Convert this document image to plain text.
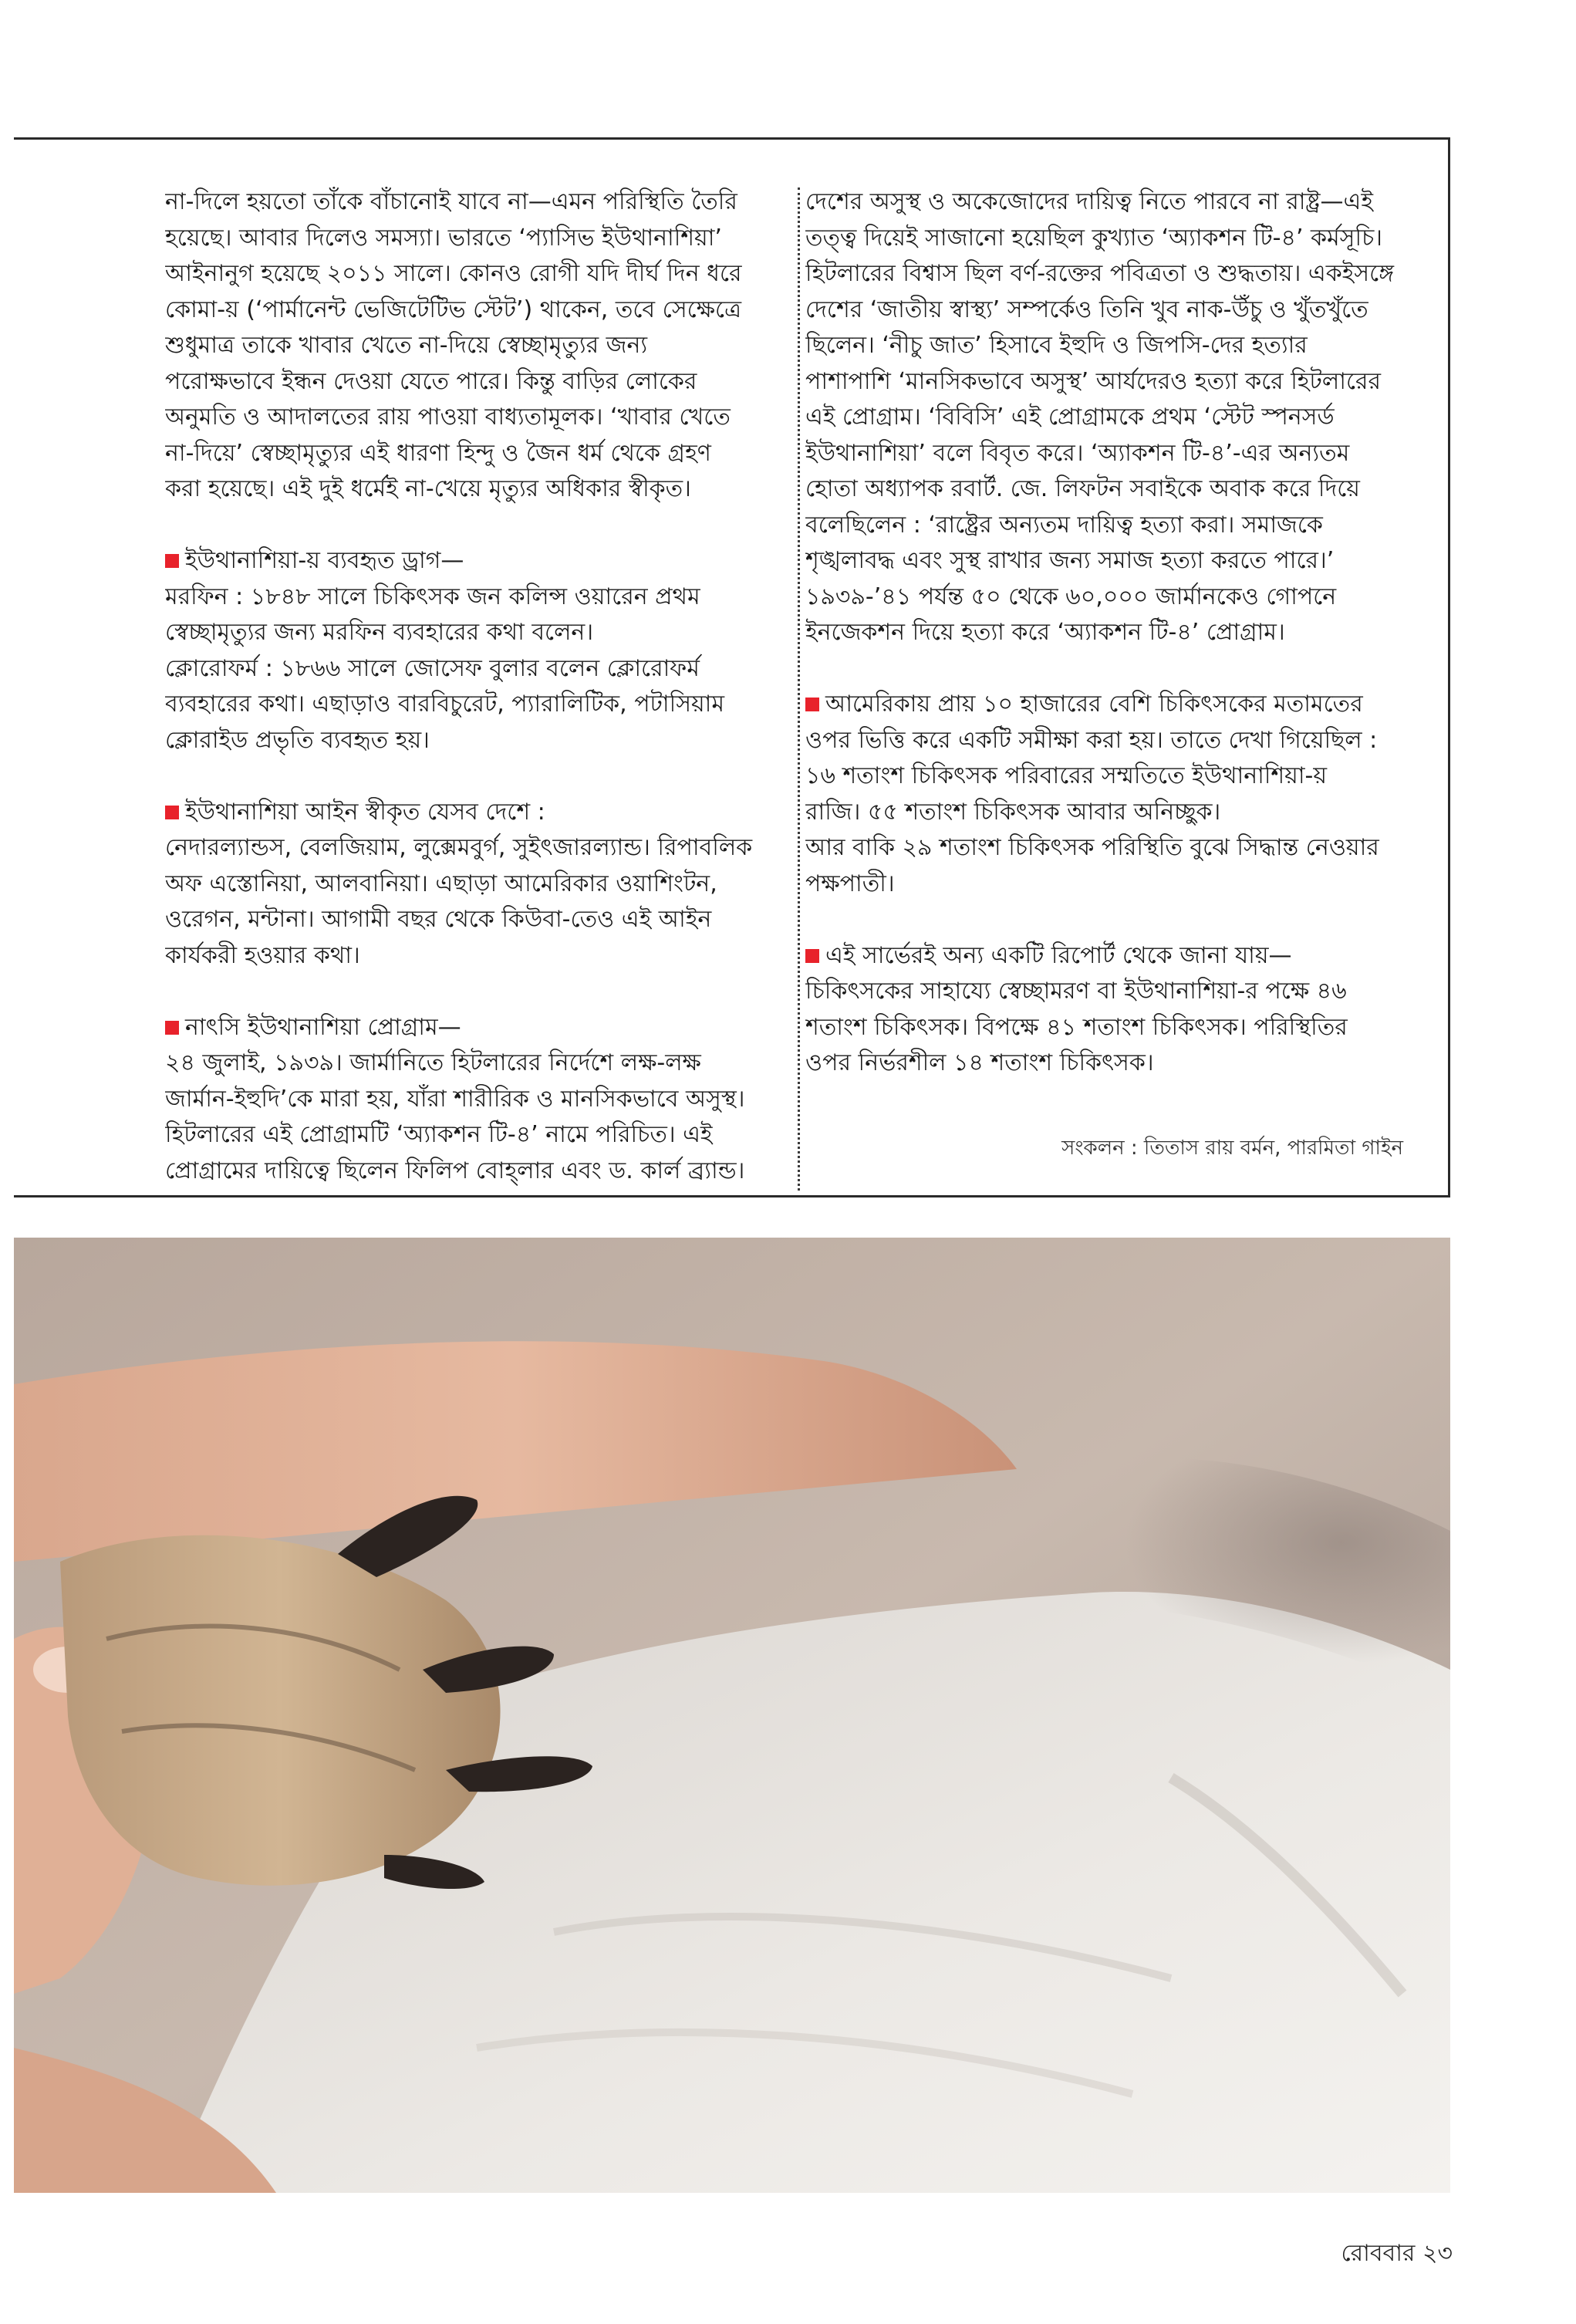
না-দিলে হয়তো তাঁকে বাঁচানোই যাবে না—এমন পরিস্থিতি তৈরি
হয়েছে। আবার দিলেও সমস্যা। ভারতে ‘প্যাসিভ ইউথানাশিয়া’
আইনানুগ হয়েছে ২০১১ সালে। কোনও রোগী যদি দীর্ঘ দিন ধরে
কোমা-য় (‘পার্মানেন্ট ভেজিটেটিভ স্টেট’) থাকেন, তবে সেক্ষেত্রে
শুধুমাত্র তাকে খাবার খেতে না-দিয়ে স্বেচ্ছামৃত্যুর জন্য
পরোক্ষভাবে ইন্ধন দেওয়া যেতে পারে। কিন্তু বাড়ির লোকের
অনুমতি ও আদালতের রায় পাওয়া বাধ্যতামূলক। ‘খাবার খেতে
না-দিয়ে’ স্বেচ্ছামৃত্যুর এই ধারণা হিন্দু ও জৈন ধর্ম থেকে গ্রহণ
করা হয়েছে। এই দুই ধর্মেই না-খেয়ে মৃত্যুর অধিকার স্বীকৃত।
ইউথানাশিয়া-য় ব্যবহৃত ড্রাগ—
মরফিন : ১৮৪৮ সালে চিকিৎসক জন কলিন্স ওয়ারেন প্রথম
স্বেচ্ছামৃত্যুর জন্য মরফিন ব্যবহারের কথা বলেন।
ক্লোরোফর্ম : ১৮৬৬ সালে জোসেফ বুলার বলেন ক্লোরোফর্ম
ব্যবহারের কথা। এছাড়াও বারবিচুরেট, প্যারালিটিক, পটাসিয়াম
ক্লোরাইড প্রভৃতি ব্যবহৃত হয়।
ইউথানাশিয়া আইন স্বীকৃত যেসব দেশে :
নেদারল্যান্ডস, বেলজিয়াম, লুক্সেমবুর্গ, সুইৎজারল্যান্ড। রিপাবলিক
অফ এস্তোনিয়া, আলবানিয়া। এছাড়া আমেরিকার ওয়াশিংটন,
ওরেগন, মন্টানা। আগামী বছর থেকে কিউবা-তেও এই আইন
কার্যকরী হওয়ার কথা।
নাৎসি ইউথানাশিয়া প্রোগ্রাম—
২৪ জুলাই, ১৯৩৯। জার্মানিতে হিটলারের নির্দেশে লক্ষ-লক্ষ
জার্মান-ইহুদি’কে মারা হয়, যাঁরা শারীরিক ও মানসিকভাবে অসুস্থ।
হিটলারের এই প্রোগ্রামটি ‘অ্যাকশন টি-৪’ নামে পরিচিত। এই
প্রোগ্রামের দায়িত্বে ছিলেন ফিলিপ বোহ্‌লার এবং ড. কার্ল ব্র্যান্ড।
দেশের অসুস্থ ও অকেজোদের দায়িত্ব নিতে পারবে না রাষ্ট্র—এই
তত্ত্ব দিয়েই সাজানো হয়েছিল কুখ্যাত ‘অ্যাকশন টি-৪’ কর্মসূচি।
হিটলারের বিশ্বাস ছিল বর্ণ-রক্তের পবিত্রতা ও শুদ্ধতায়। একইসঙ্গে
দেশের ‘জাতীয় স্বাস্থ্য’ সম্পর্কেও তিনি খুব নাক-উঁচু ও খুঁতখুঁতে
ছিলেন। ‘নীচু জাত’ হিসাবে ইহুদি ও জিপসি-দের হত্যার
পাশাপাশি ‘মানসিকভাবে অসুস্থ’ আর্যদেরও হত্যা করে হিটলারের
এই প্রোগ্রাম। ‘বিবিসি’ এই প্রোগ্রামকে প্রথম ‘স্টেট স্পনসর্ড
ইউথানাশিয়া’ বলে বিবৃত করে। ‘অ্যাকশন টি-৪’-এর অন্যতম
হোতা অধ্যাপক রবার্ট. জে. লিফটন সবাইকে অবাক করে দিয়ে
বলেছিলেন : ‘রাষ্ট্রের অন্যতম দায়িত্ব হত্যা করা। সমাজকে
শৃঙ্খলাবদ্ধ এবং সুস্থ রাখার জন্য সমাজ হত্যা করতে পারে।’
১৯৩৯-’৪১ পর্যন্ত ৫০ থেকে ৬০,০০০ জার্মানকেও গোপনে
ইনজেকশন দিয়ে হত্যা করে ‘অ্যাকশন টি-৪’ প্রোগ্রাম।
আমেরিকায় প্রায় ১০ হাজারের বেশি চিকিৎসকের মতামতের
ওপর ভিত্তি করে একটি সমীক্ষা করা হয়। তাতে দেখা গিয়েছিল :
১৬ শতাংশ চিকিৎসক পরিবারের সম্মতিতে ইউথানাশিয়া-য়
রাজি। ৫৫ শতাংশ চিকিৎসক আবার অনিচ্ছুক।
আর বাকি ২৯ শতাংশ চিকিৎসক পরিস্থিতি বুঝে সিদ্ধান্ত নেওয়ার
পক্ষপাতী।
এই সার্ভেরই অন্য একটি রিপোর্ট থেকে জানা যায়—
চিকিৎসকের সাহায্যে স্বেচ্ছামরণ বা ইউথানাশিয়া-র পক্ষে ৪৬
শতাংশ চিকিৎসক। বিপক্ষে ৪১ শতাংশ চিকিৎসক। পরিস্থিতির
ওপর নির্ভরশীল ১৪ শতাংশ চিকিৎসক।
সংকলন : তিতাস রায় বর্মন, পারমিতা গাইন
রোববার ২৩
